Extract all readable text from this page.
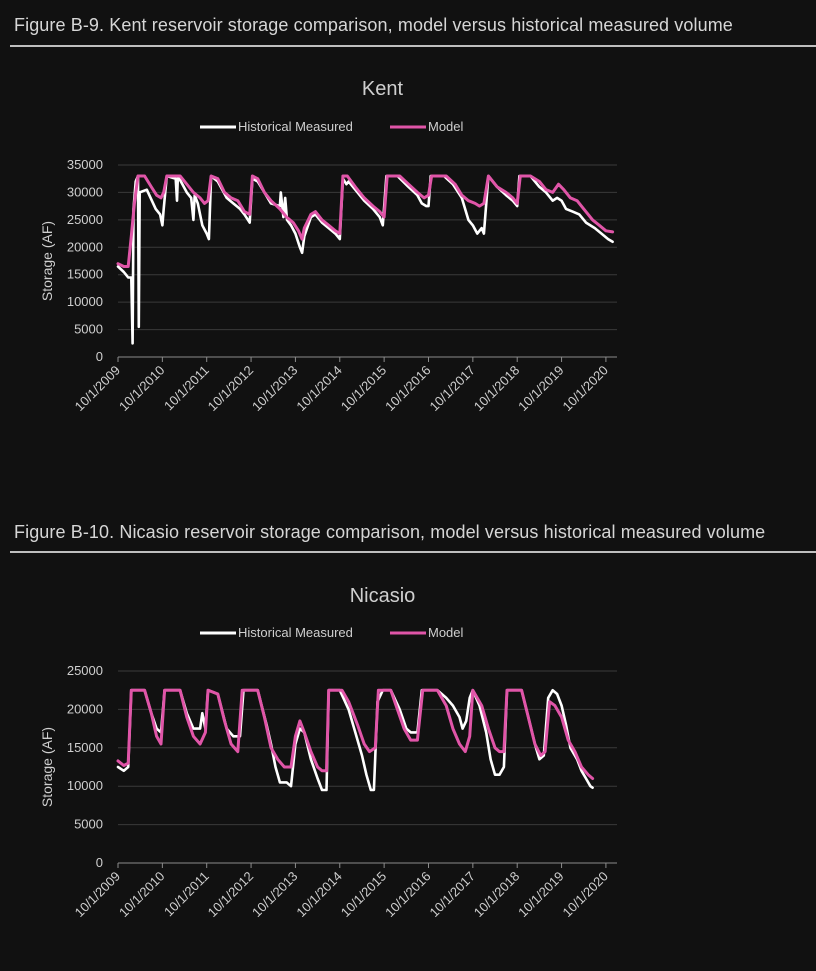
Figure B-9. Kent reservoir storage comparison, model versus historical measured volume
Kent
Historical Measured	Model
0
5000
10000
15000
20000
25000
30000
35000
10/1/2009
10/1/2010
10/1/2011
10/1/2012
10/1/2013
10/1/2014
10/1/2015
10/1/2016
10/1/2017
10/1/2018
10/1/2019
10/1/2020
Storage (AF)
Figure B-10. Nicasio reservoir storage comparison, model versus historical measured volume
Nicasio
Historical Measured	Model
0
5000
10000
15000
20000
25000
10/1/2009
10/1/2010
10/1/2011
10/1/2012
10/1/2013
10/1/2014
10/1/2015
10/1/2016
10/1/2017
10/1/2018
10/1/2019
10/1/2020
Storage (AF)
